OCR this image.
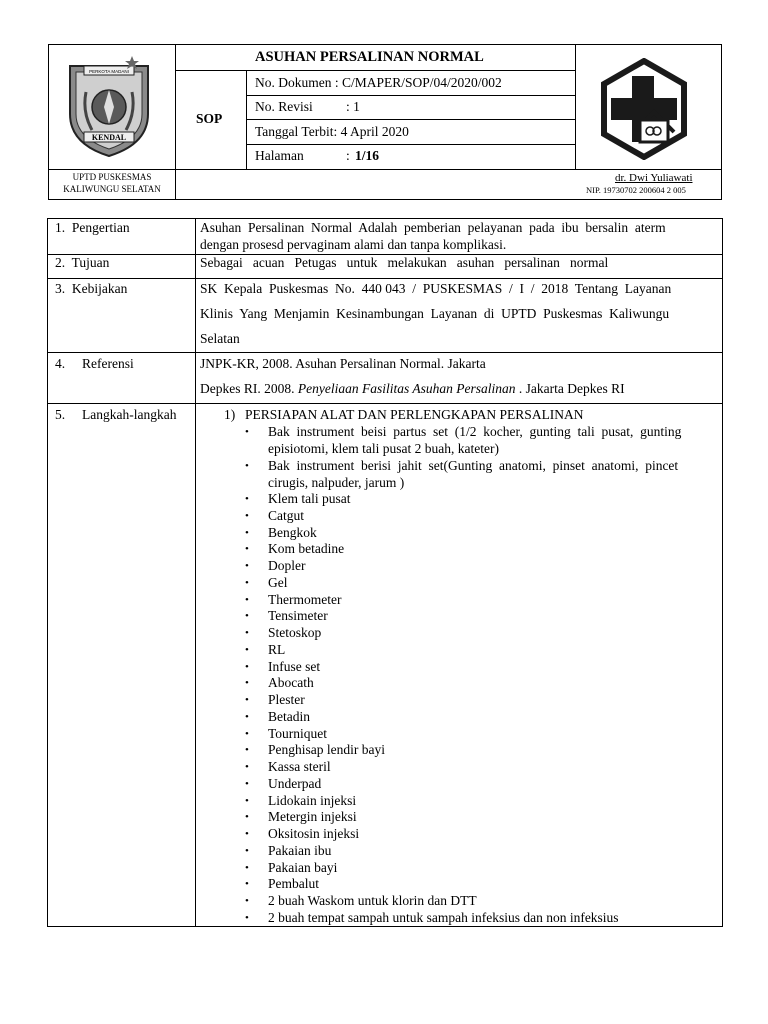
KENDAL
PERKOTA MADANI
ASUHAN PERSALINAN NORMAL
SOP
No. Dokumen : C/MAPER/SOP/04/2020/002
No. Revisi : 1
Tanggal Terbit: 4 April 2020
Halaman	: 1/16
UPTD PUSKESMAS
KALIWUNGU SELATAN
dr. Dwi Yuliawati
NIP. 19730702 200604 2 005
1.  Pengertian	Asuhan  Persalinan  Normal  Adalah  pemberian  pelayanan  pada  ibu  bersalin  aterm
dengan prosesd pervaginam alami dan tanpa komplikasi.
2.  Tujuan	Sebagai   acuan   Petugas   untuk   melakukan   asuhan   persalinan   normal
3.  Kebijakan	SK  Kepala  Puskesmas  No.  440 043  /  PUSKESMAS  /  I  /  2018  Tentang  Layanan
Klinis  Yang  Menjamin  Kesinambungan  Layanan  di  UPTD  Puskesmas  Kaliwungu
Selatan
4.     Referensi	JNPK-KR, 2008. Asuhan Persalinan Normal. Jakarta
Depkes RI. 2008. Penyeliaan Fasilitas Asuhan Persalinan . Jakarta Depkes RI
5.     Langkah-langkah	1) PERSIAPAN ALAT DAN PERLENGKAPAN PERSALINAN
• Bak  instrument  beisi  partus  set  (1/2  kocher,  gunting  tali  pusat,  gunting
episiotomi, klem tali pusat 2 buah, kateter)
• Bak  instrument  berisi  jahit  set(Gunting  anatomi,  pinset  anatomi,  pincet
cirugis, nalpuder, jarum )
• Klem tali pusat
• Catgut
• Bengkok
• Kom betadine
• Dopler
• Gel
• Thermometer
• Tensimeter
• Stetoskop
• RL
• Infuse set
• Abocath
• Plester
• Betadin
• Tourniquet
• Penghisap lendir bayi
• Kassa steril
• Underpad
• Lidokain injeksi
• Metergin injeksi
• Oksitosin injeksi
• Pakaian ibu
• Pakaian bayi
• Pembalut
• 2 buah Waskom untuk klorin dan DTT
• 2 buah tempat sampah untuk sampah infeksius dan non infeksius
